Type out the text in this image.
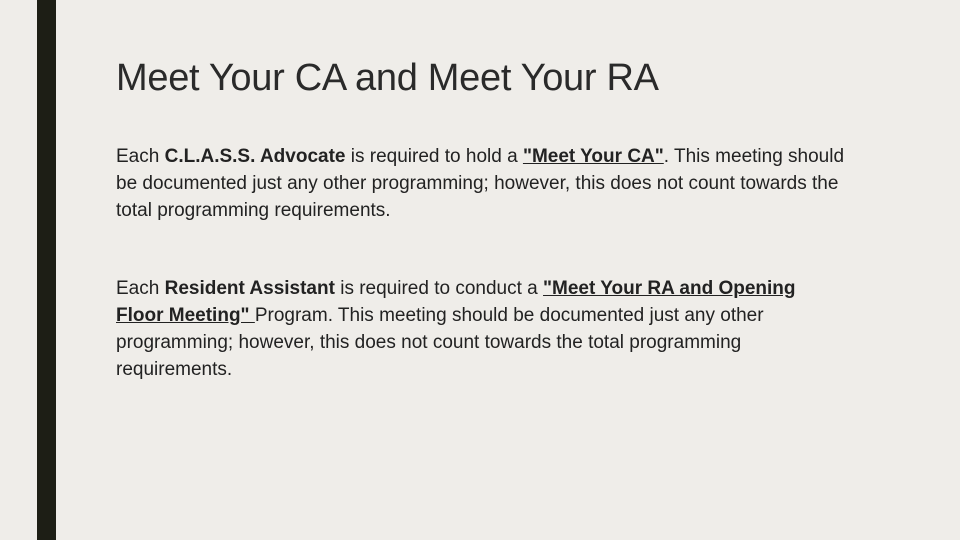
Meet Your CA and Meet Your RA

Each C.L.A.S.S. Advocate is required to hold a "Meet Your CA". This meeting should be documented just any other programming; however, this does not count towards the total programming requirements.

Each Resident Assistant is required to conduct a "Meet Your RA and Opening Floor Meeting" Program. This meeting should be documented just any other programming; however, this does not count towards the total programming requirements.
